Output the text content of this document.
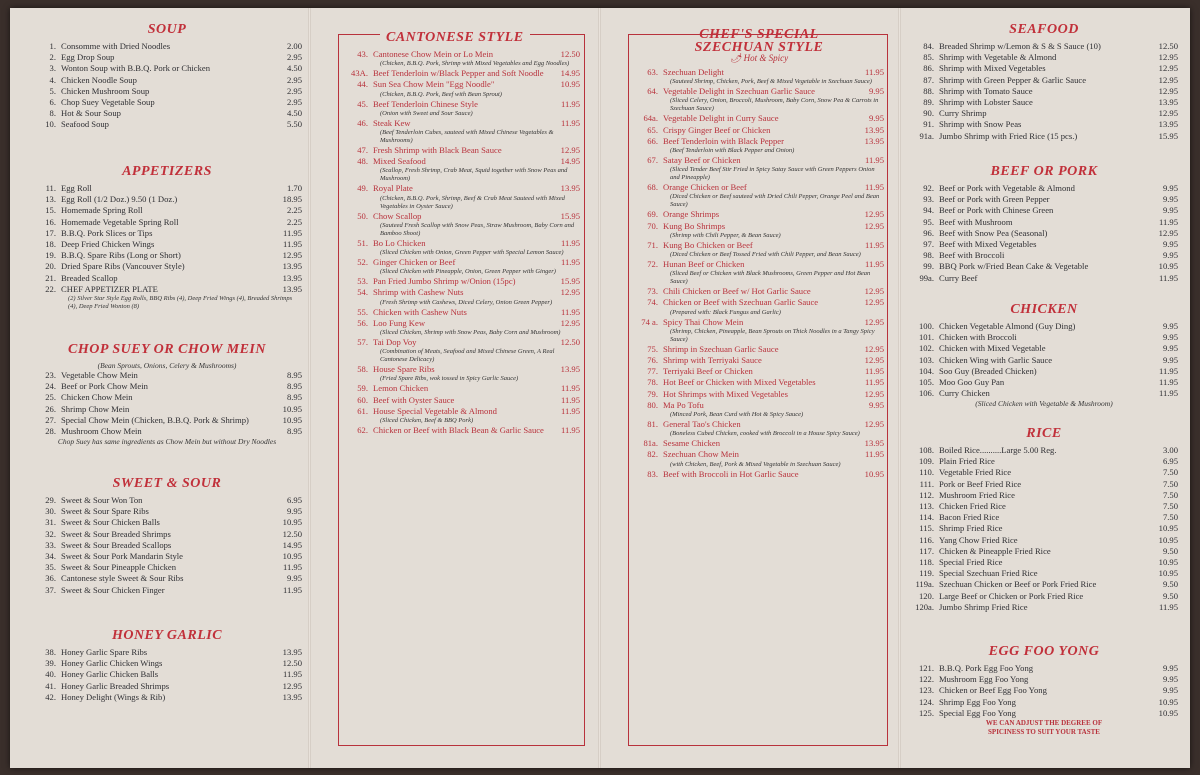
SOUP
1. Consomme with Dried Noodles	2.00
2. Egg Drop Soup	2.95
3. Wonton Soup with B.B.Q. Pork or Chicken	4.50
4. Chicken Noodle Soup	2.95
5. Chicken Mushroom Soup	2.95
6. Chop Suey Vegetable Soup	2.95
8. Hot & Sour Soup	4.50
10. Seafood Soup	5.50
APPETIZERS
11. Egg Roll	1.70
13. Egg Roll (1/2 Doz.) 9.50 (1 Doz.)	18.95
15. Homemade Spring Roll	2.25
16. Homemade Vegetable Spring Roll	2.25
17. B.B.Q. Pork Slices or Tips	11.95
18. Deep Fried Chicken Wings	11.95
19. B.B.Q. Spare Ribs (Long or Short)	12.95
20. Dried Spare Ribs (Vancouver Style)	13.95
21. Breaded Scallop	13.95
22. CHEF APPETIZER PLATE	13.95
(2) Silver Star Style Egg Rolls, BBQ Ribs (4), Deep Fried Wings (4), Breaded Shrimps (4), Deep Fried Wonton (8)
CHOP SUEY OR CHOW MEIN
(Bean Sprouts, Onions, Celery & Mushrooms)
23. Vegetable Chow Mein	8.95
24. Beef or Pork Chow Mein	8.95
25. Chicken Chow Mein	8.95
26. Shrimp Chow Mein	10.95
27. Special Chow Mein (Chicken, B.B.Q. Pork & Shrimp)	10.95
28. Mushroom Chow Mein	8.95
Chop Suey has same ingredients as Chow Mein but without Dry Noodles
SWEET & SOUR
29. Sweet & Sour Won Ton	6.95
30. Sweet & Sour Spare Ribs	9.95
31. Sweet & Sour Chicken Balls	10.95
32. Sweet & Sour Breaded Shrimps	12.50
33. Sweet & Sour Breaded Scallops	14.95
34. Sweet & Sour Pork Mandarin Style	10.95
35. Sweet & Sour Pineapple Chicken	11.95
36. Cantonese style Sweet & Sour Ribs	9.95
37. Sweet & Sour Chicken Finger	11.95
HONEY GARLIC
38. Honey Garlic Spare Ribs	13.95
39. Honey Garlic Chicken Wings	12.50
40. Honey Garlic Chicken Balls	11.95
41. Honey Garlic Breaded Shrimps	12.95
42. Honey Delight (Wings & Rib)	13.95
CANTONESE STYLE
43. Cantonese Chow Mein or Lo Mein	12.50
(Chicken, B.B.Q. Pork, Shrimp with Mixed Vegetables and Egg Noodles)
43A. Beef Tenderloin w/Black Pepper and Soft Noodle	14.95
44. Sun Sea Chow Mein "Egg Noodle"	10.95
(Chicken, B.B.Q. Pork, Beef with Bean Sprout)
45. Beef Tenderloin Chinese Style	11.95
(Onion with Sweet and Sour Sauce)
46. Steak Kew	11.95
(Beef Tenderloin Cubes, sauteed with Mixed Chinese Vegetables & Mushrooms)
47. Fresh Shrimp with Black Bean Sauce	12.95
48. Mixed Seafood	14.95
(Scallop, Fresh Shrimp, Crab Meat, Squid together with Snow Peas and Mushroom)
49. Royal Plate	13.95
(Chicken, B.B.Q. Pork, Shrimp, Beef & Crab Meat Sauteed with Mixed Vegetables in Oyster Sauce)
50. Chow Scallop	15.95
(Sauteed Fresh Scallop with Snow Peas, Straw Mushroom, Baby Corn and Bamboo Shoot)
51. Bo Lo Chicken	11.95
(Sliced Chicken with Onion, Green Pepper with Special Lemon Sauce)
52. Ginger Chicken or Beef	11.95
(Sliced Chicken with Pineapple, Onion, Green Pepper with Ginger)
53. Pan Fried Jumbo Shrimp w/Onion (15pc)	15.95
54. Shrimp with Cashew Nuts	12.95
(Fresh Shrimp with Cashews, Diced Celery, Onion Green Pepper)
55. Chicken with Cashew Nuts	11.95
56. Loo Fung Kew	12.95
(Sliced Chicken, Shrimp with Snow Peas, Baby Corn and Mushroom)
57. Tai Dop Voy	12.50
(Combination of Meats, Seafood and Mixed Chinese Green, A Real Cantonese Delicacy)
58. House Spare Ribs	13.95
(Fried Spare Ribs, wok tossed in Spicy Garlic Sauce)
59. Lemon Chicken	11.95
60. Beef with Oyster Sauce	11.95
61. House Special Vegetable & Almond	11.95
(Sliced Chicken, Beef & BBQ Pork)
62. Chicken or Beef with Black Bean & Garlic Sauce	11.95
CHEF'S SPECIAL
SZECHUAN STYLE
🌶 Hot & Spicy
63. Szechuan Delight	11.95
(Sauteed Shrimp, Chicken, Pork, Beef & Mixed Vegetable in Szechuan Sauce)
64. Vegetable Delight in Szechuan Garlic Sauce	9.95
(Sliced Celery, Onion, Broccoli, Mushroom, Baby Corn, Snow Pea & Carrots in Szechuan Sauce)
64a. Vegetable Delight in Curry Sauce	9.95
65. Crispy Ginger Beef or Chicken	13.95
66. Beef Tenderloin with Black Pepper	13.95
(Beef Tenderloin with Black Pepper and Onion)
67. Satay Beef or Chicken	11.95
(Sliced Tender Beef Stir Fried in Spicy Satay Sauce with Green Peppers Onion and Pineapple)
68. Orange Chicken or Beef	11.95
(Diced Chicken or Beef sauteed with Dried Chili Pepper, Orange Peel and Bean Sauce)
69. Orange Shrimps	12.95
70. Kung Bo Shrimps	12.95
(Shrimp with Chili Pepper, & Bean Sauce)
71. Kung Bo Chicken or Beef	11.95
(Diced Chicken or Beef Tossed Fried with Chili Pepper, and Bean Sauce)
72. Hunan Beef or Chicken	11.95
(Sliced Beef or Chicken with Black Mushrooms, Green Pepper and Hot Bean Sauce)
73. Chili Chicken or Beef w/ Hot Garlic Sauce	12.95
74. Chicken or Beef with Szechuan Garlic Sauce	12.95
(Prepared with: Black Fungus and Garlic)
74 a. Spicy Thai Chow Mein	12.95
(Shrimp, Chicken, Pineapple, Bean Sprouts on Thick Noodles in a Tangy Spicy Sauce)
75. Shrimp in Szechuan Garlic Sauce	12.95
76. Shrimp with Terriyaki Sauce	12.95
77. Terriyaki Beef or Chicken	11.95
78. Hot Beef or Chicken with Mixed Vegetables	11.95
79. Hot Shrimps with Mixed Vegetables	12.95
80. Ma Po Tofu	9.95
(Minced Pork, Bean Curd with Hot & Spicy Sauce)
81. General Tao's Chicken	12.95
(Boneless Cubed Chicken, cooked with Broccoli in a House Spicy Sauce)
81a. Sesame Chicken	13.95
82. Szechuan Chow Mein	11.95
(with Chicken, Beef, Pork & Mixed Vegetable in Szechuan Sauce)
83. Beef with Broccoli in Hot Garlic Sauce	10.95
SEAFOOD
84. Breaded Shrimp w/Lemon & S & S Sauce (10)	12.50
85. Shrimp with Vegetable & Almond	12.95
86. Shrimp with Mixed Vegetables	12.95
87. Shrimp with Green Pepper & Garlic Sauce	12.95
88. Shrimp with Tomato Sauce	12.95
89. Shrimp with Lobster Sauce	13.95
90. Curry Shrimp	12.95
91. Shrimp with Snow Peas	13.95
91a. Jumbo Shrimp with Fried Rice (15 pcs.)	15.95
BEEF OR PORK
92. Beef or Pork with Vegetable & Almond	9.95
93. Beef or Pork with Green Pepper	9.95
94. Beef or Pork with Chinese Green	9.95
95. Beef with Mushroom	11.95
96. Beef with Snow Pea (Seasonal)	12.95
97. Beef with Mixed Vegetables	9.95
98. Beef with Broccoli	9.95
99. BBQ Pork w/Fried Bean Cake & Vegetable	10.95
99a. Curry Beef	11.95
CHICKEN
100. Chicken Vegetable Almond (Guy Ding)	9.95
101. Chicken with Broccoli	9.95
102. Chicken with Mixed Vegetable	9.95
103. Chicken Wing with Garlic Sauce	9.95
104. Soo Guy (Breaded Chicken)	11.95
105. Moo Goo Guy Pan	11.95
106. Curry Chicken	11.95
(Sliced Chicken with Vegetable & Mushroom)
RICE
108. Boiled Rice..........Large 5.00 Reg.	3.00
109. Plain Fried Rice	6.95
110. Vegetable Fried Rice	7.50
111. Pork or Beef Fried Rice	7.50
112. Mushroom Fried Rice	7.50
113. Chicken Fried Rice	7.50
114. Bacon Fried Rice	7.50
115. Shrimp Fried Rice	10.95
116. Yang Chow Fried Rice	10.95
117. Chicken & Pineapple Fried Rice	9.50
118. Special Fried Rice	10.95
119. Special Szechuan Fried Rice	10.95
119a. Szechuan Chicken or Beef or Pork Fried Rice	9.50
120. Large Beef or Chicken or Pork Fried Rice	9.50
120a. Jumbo Shrimp Fried Rice	11.95
EGG FOO YONG
121. B.B.Q. Pork Egg Foo Yong	9.95
122. Mushroom Egg Foo Yong	9.95
123. Chicken or Beef Egg Foo Yong	9.95
124. Shrimp Egg Foo Yong	10.95
125. Special Egg Foo Yong	10.95
WE CAN ADJUST THE DEGREE OF
SPICINESS TO SUIT YOUR TASTE
